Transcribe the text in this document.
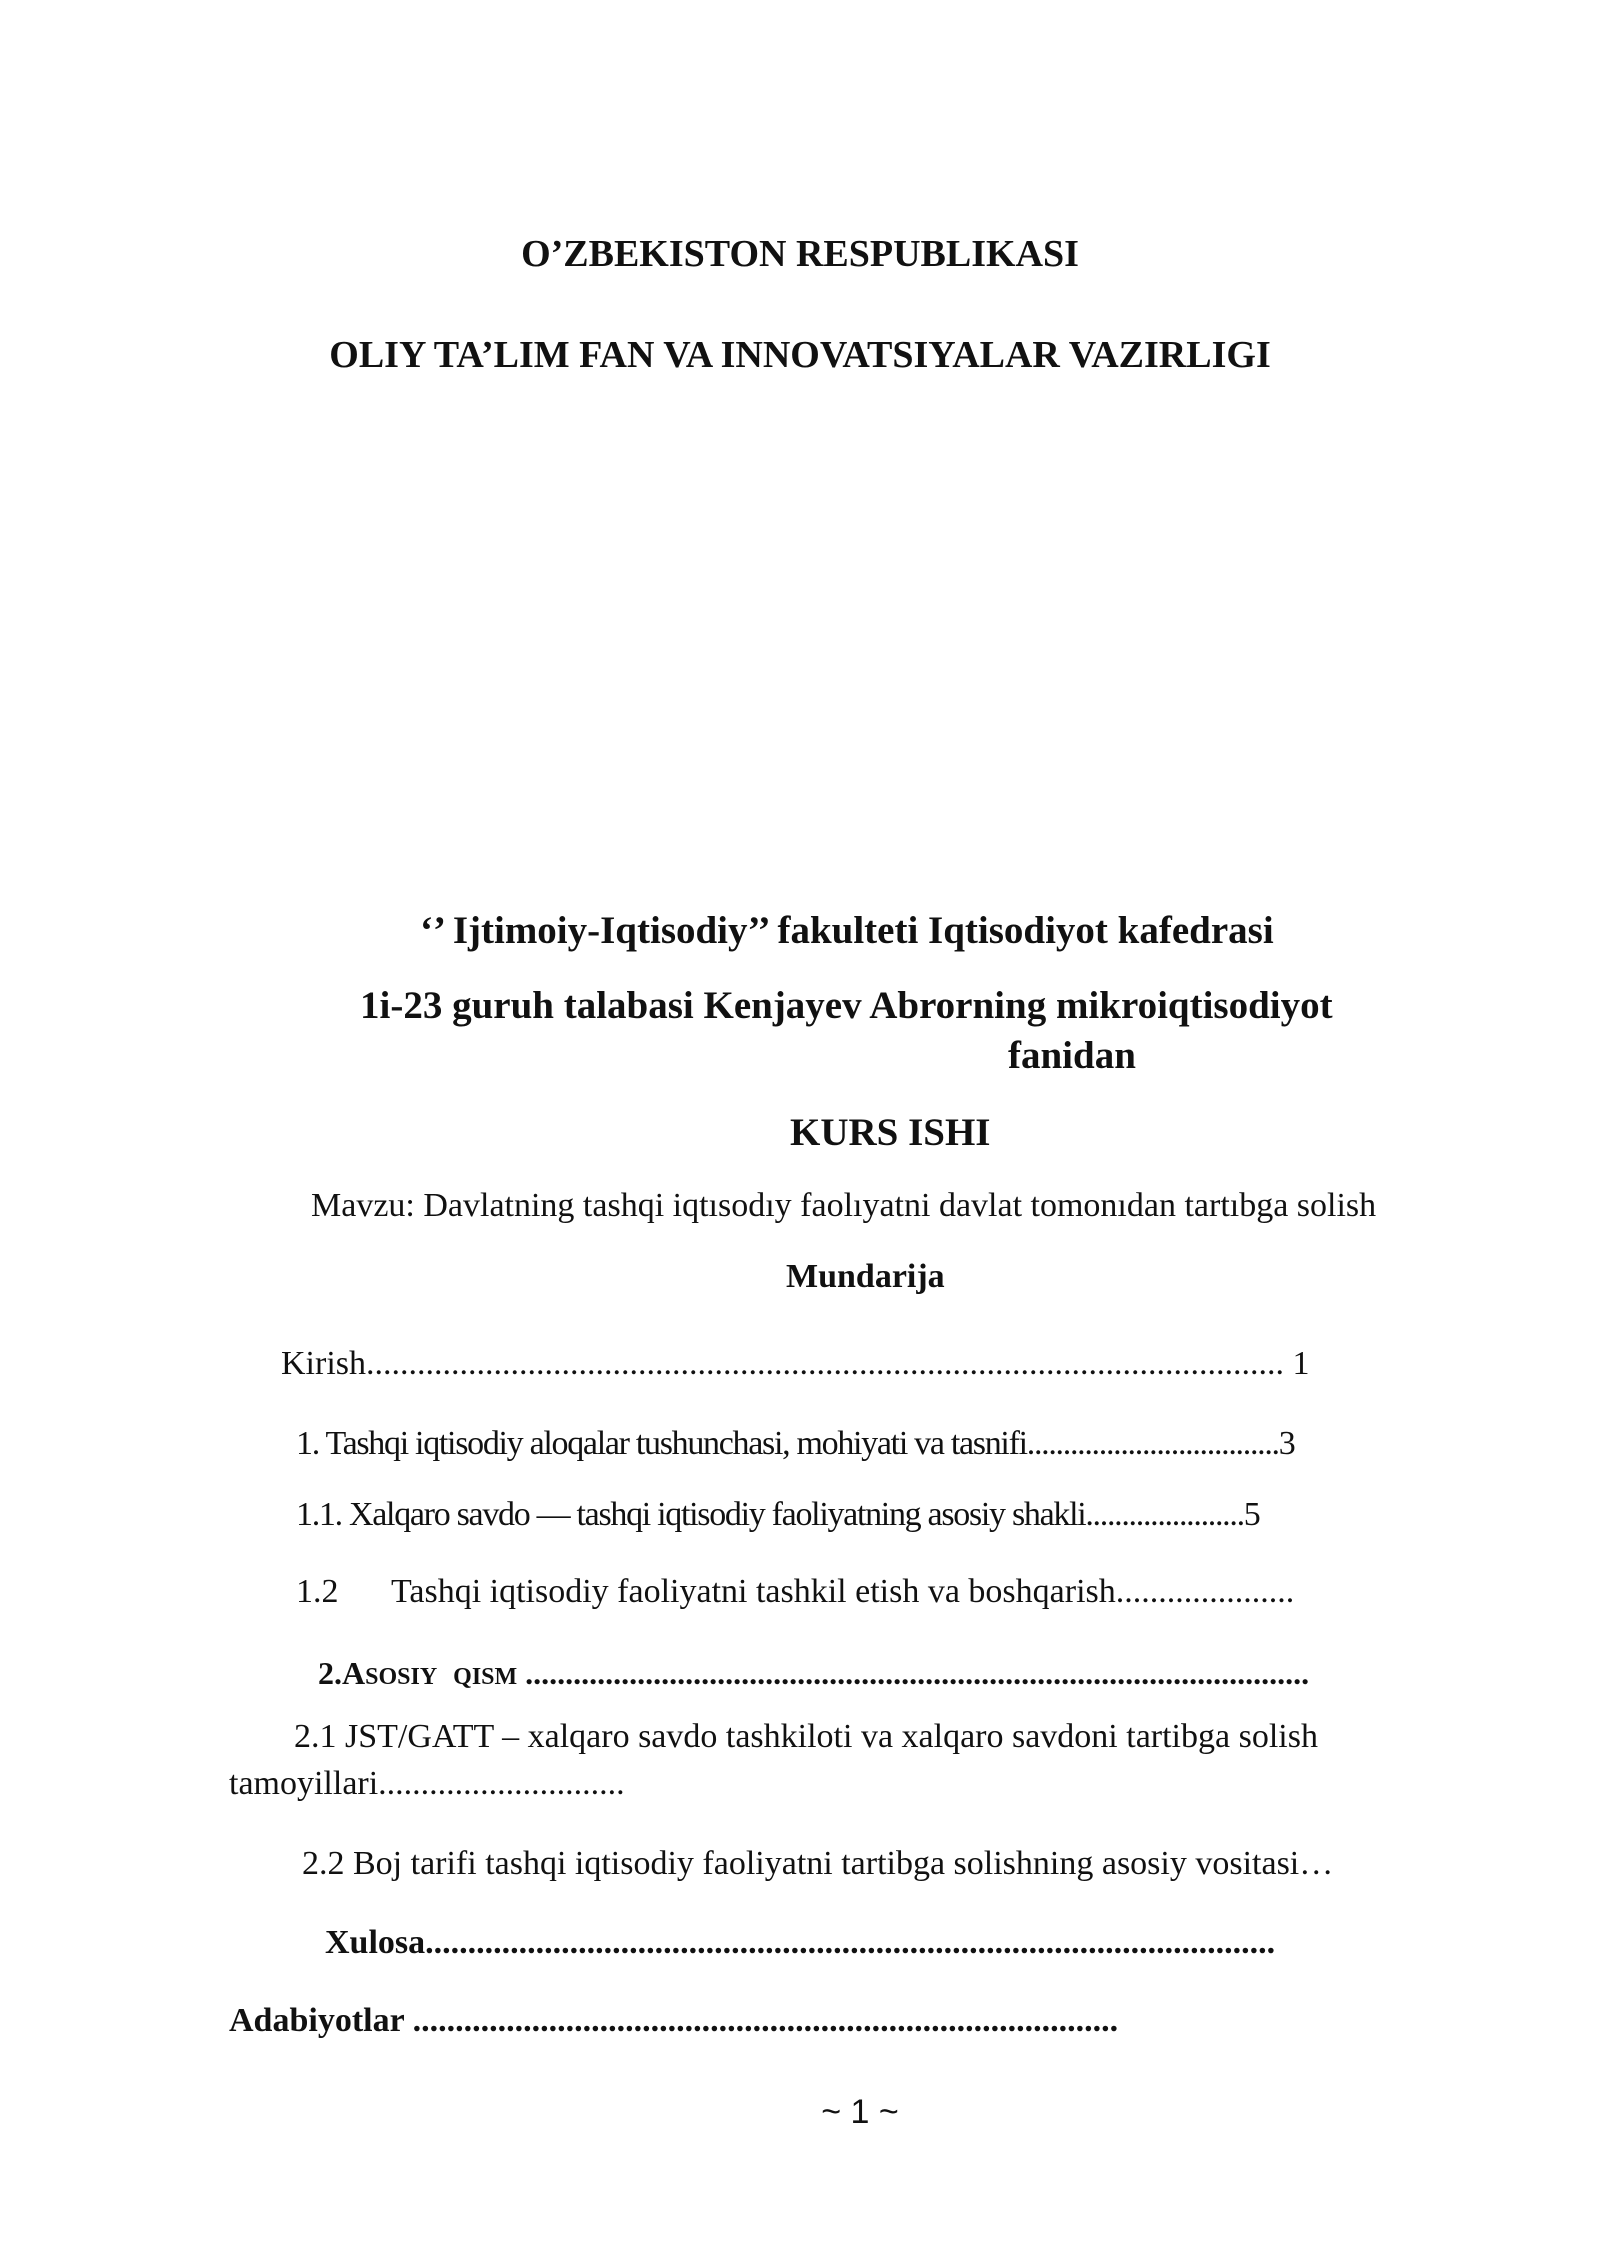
O’ZBEKISTON RESPUBLIKASI
OLIY TA’LIM FAN VA INNOVATSIYALAR VAZIRLIGI
‘’ Ijtimoiy-Iqtisodiy’’ fakulteti Iqtisodiyot kafedrasi
1i-23 guruh talabasi Kenjayev Abrorning mikroiqtisodiyot
fanidan
KURS ISHI
Mavzu: Davlatning tashqi iqtısodıy faolıyatni davlat tomonıdan tartıbga solish
Mundarija
Kirish............................................................................................................ 1
1. Tashqi iqtisodiy aloqalar tushunchasi, mohiyati va tasnifi...................................3
1.1. Xalqaro savdo — tashqi iqtisodiy faoliyatning asosiy shakli......................5
1.2 Tashqi iqtisodiy faoliyatni tashkil etish va boshqarish.....................
2.ASOSIY QISM ..................................................................................................
2.1 JST/GATT – xalqaro savdo tashkiloti va xalqaro savdoni tartibga solish
tamoyillari.............................
2.2 Boj tarifi tashqi iqtisodiy faoliyatni tartibga solishning asosiy vositasi…
Xulosa....................................................................................................
Adabiyotlar ...................................................................................
~ 1 ~
